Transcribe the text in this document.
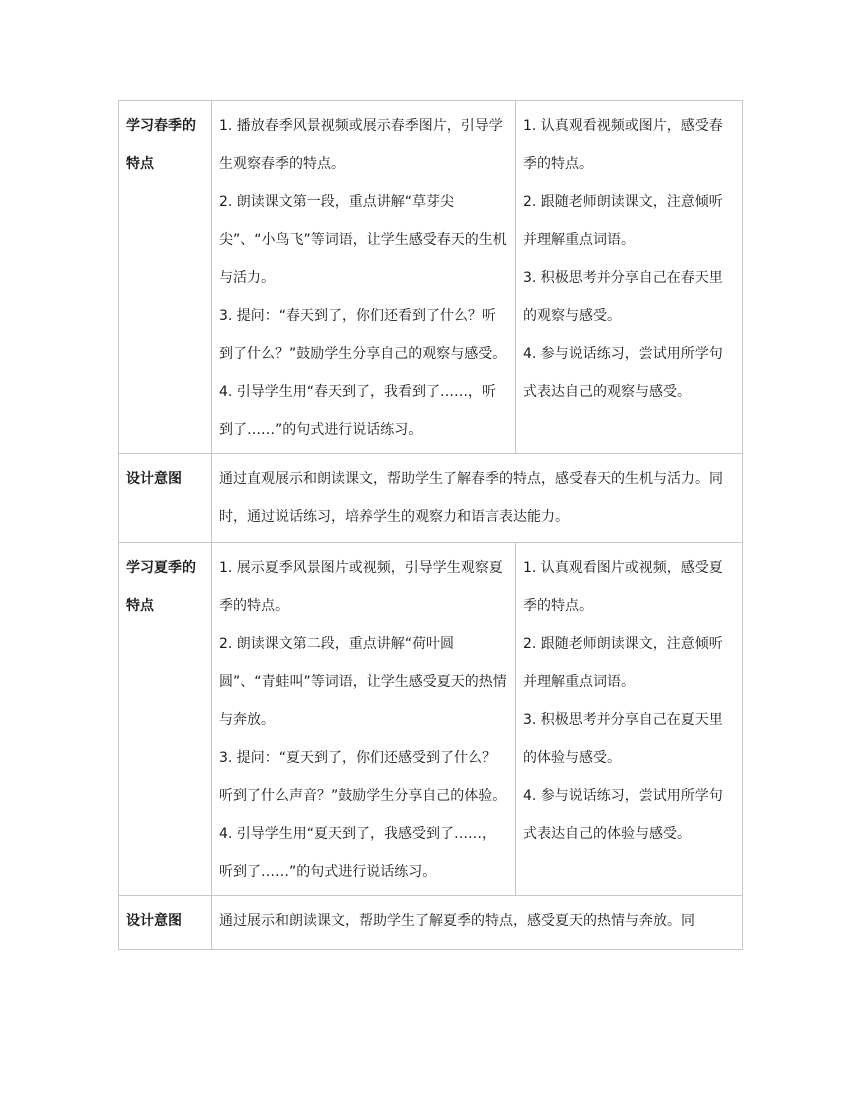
学习春季的特点	1. 播放春季风景视频或展示春季图片，引导学生观察春季的特点。
2. 朗读课文第一段，重点讲解“草芽尖尖”、“小鸟飞”等词语，让学生感受春天的生机与活力。
3. 提问：“春天到了，你们还看到了什么？听到了什么？”鼓励学生分享自己的观察与感受。
4. 引导学生用“春天到了，我看到了……，听到了……”的句式进行说话练习。	1. 认真观看视频或图片，感受春季的特点。
2. 跟随老师朗读课文，注意倾听并理解重点词语。
3. 积极思考并分享自己在春天里的观察与感受。
4. 参与说话练习，尝试用所学句式表达自己的观察与感受。

设计意图	通过直观展示和朗读课文，帮助学生了解春季的特点，感受春天的生机与活力。同时，通过说话练习，培养学生的观察力和语言表达能力。	
学习夏季的特点	1. 展示夏季风景图片或视频，引导学生观察夏季的特点。
2. 朗读课文第二段，重点讲解“荷叶圆圆”、“青蛙叫”等词语，让学生感受夏天的热情与奔放。
3. 提问：“夏天到了，你们还感受到了什么？听到了什么声音？”鼓励学生分享自己的体验。
4. 引导学生用“夏天到了，我感受到了……，听到了……”的句式进行说话练习。	1. 认真观看图片或视频，感受夏季的特点。
2. 跟随老师朗读课文，注意倾听并理解重点词语。
3. 积极思考并分享自己在夏天里的体验与感受。
4. 参与说话练习，尝试用所学句式表达自己的体验与感受。

设计意图	通过展示和朗读课文，帮助学生了解夏季的特点，感受夏天的热情与奔放。同	
